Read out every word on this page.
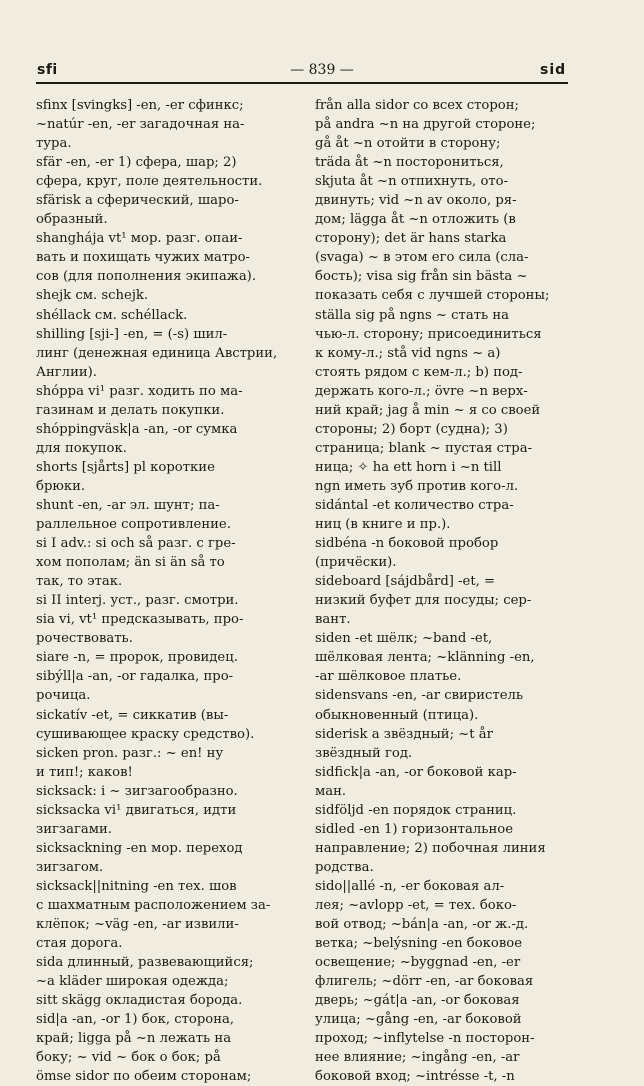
sfi	— 839 —	sid
sfinx [svingks] -en, -er сфинкс;
~natúr -en, -er загадочная на-
тура.
sfär -en, -er 1) сфера, шар; 2)
сфера, круг, поле деятельности.
sfärisk a сферический, шаро-
образный.
shanghája vt¹ мор. разг. опаи-
вать и похищать чужих матро-
сов (для пополнения экипажа).
shejk см. schejk.
shéllack см. schéllack.
shilling [sji-] -en, = (-s) шил-
линг (денежная единица Австрии,
Англии).
shóppa vi¹ разг. ходить по ма-
газинам и делать покупки.
shóppingväsk|a -an, -or сумка
для покупок.
shorts [sjårts] pl короткие
брюки.
shunt -en, -ar эл. шунт; па-
раллельное сопротивление.
si I adv.: si och så разг. с гре-
хом пополам; än si än så то
так, то этак.
si II interj. уст., разг. смотри.
sia vi, vt¹ предсказывать, про-
рочествовать.
siare -n, = пророк, провидец.
sibýll|a -an, -or гадалка, про-
рочица.
sickatív -et, = сиккатив (вы-
сушивающее краску средство).
sicken pron. разг.: ~ en! ну
и тип!; каков!
sicksack: i ~ зигзагообразно.
sicksacka vi¹ двигаться, идти
зигзагами.
sicksackning -en мор. переход
зигзагом.
sicksack||nitning -en тех. шов
с шахматным расположением за-
клёпок; ~väg -en, -ar извили-
стая дорога.
sida длинный, развевающийся;
~a kläder широкая одежда;
sitt skägg окладистая борода.
sid|a -an, -or 1) бок, сторона,
край; ligga på ~n лежать на
боку; ~ vid ~ бок о бок; på
ömse sidor по обеим сторонам;
från alla sidor со всех сторон;
på andra ~n на другой стороне;
gå åt ~n отойти в сторону;
träda åt ~n посторониться,
skjuta åt ~n отпихнуть, ото-
двинуть; vid ~n av около, ря-
дом; lägga åt ~n отложить (в
сторону); det är hans starka
(svaga) ~ в этом его сила (сла-
бость); visa sig från sin bästa ~
показать себя с лучшей стороны;
ställa sig på ngns ~ стать на
чью-л. сторону; присоединиться
к кому-л.; stå vid ngns ~ a)
стоять рядом с кем-л.; b) под-
держать кого-л.; övre ~n верх-
ний край; jag å min ~ я со своей
стороны; 2) борт (судна); 3)
страница; blank ~ пустая стра-
ница; ✧ ha ett horn i ~n till
ngn иметь зуб против кого-л.
sidántal -et количество стра-
ниц (в книге и пр.).
sidbéna -n боковой пробор
(причёски).
sideboard [sájdbård] -et, =
низкий буфет для посуды; сер-
вант.
siden -et шёлк; ~band -et,
шёлковая лента; ~klänning -en,
-ar шёлковое платье.
sidensvans -en, -ar свиристель
обыкновенный (птица).
siderisk a звёздный; ~t år
звёздный год.
sidfick|a -an, -or боковой кар-
ман.
sidföljd -en порядок страниц.
sidled -en 1) горизонтальное
направление; 2) побочная линия
родства.
sido||allé -n, -er боковая ал-
лея; ~avlopp -et, = тех. боко-
вой отвод; ~bán|a -an, -or ж.-д.
ветка; ~belýsning -en боковое
освещение; ~byggnad -en, -er
флигель; ~dörr -en, -ar боковая
дверь; ~gát|a -an, -or боковая
улица; ~gång -en, -ar боковой
проход; ~inflytelse -n посторон-
нее влияние; ~ingång -en, -ar
боковой вход; ~intrésse -t, -n
